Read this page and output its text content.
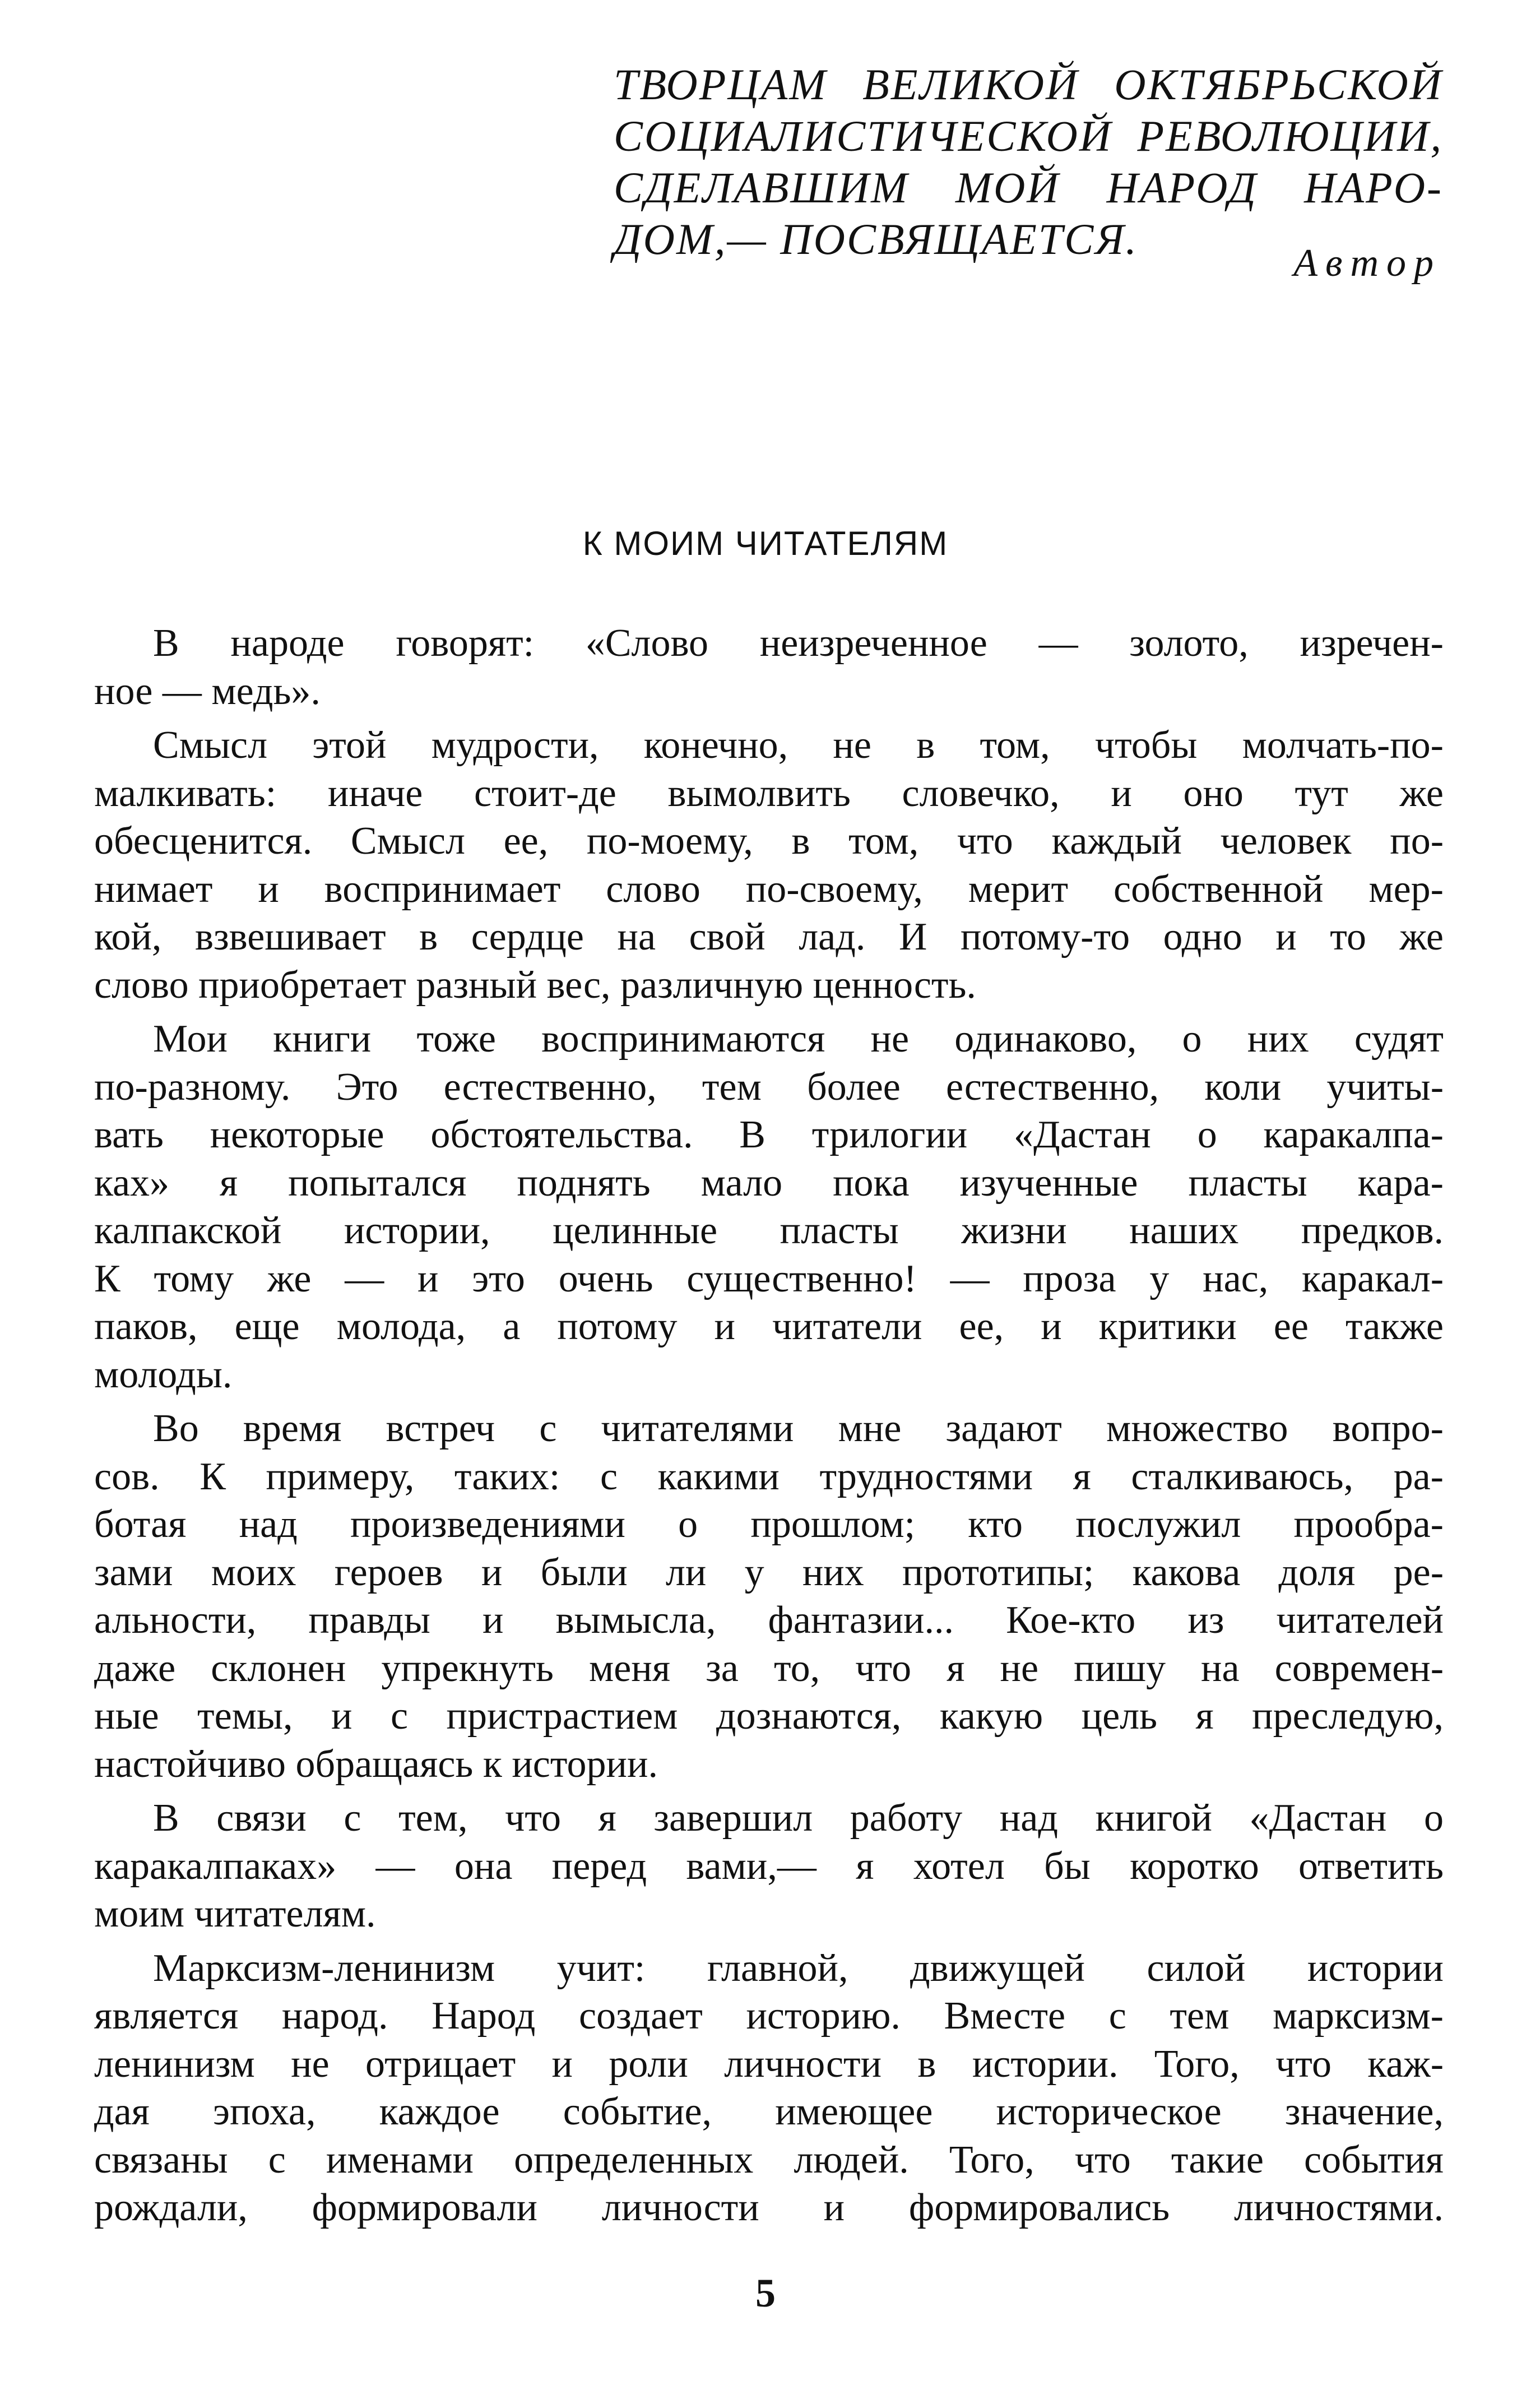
ТВОРЦАМ ВЕЛИКОЙ ОКТЯБРЬСКОЙ
СОЦИАЛИСТИЧЕСКОЙ РЕВОЛЮЦИИ,
СДЕЛАВШИМ МОЙ НАРОД НАРО-
ДОМ,— ПОСВЯЩАЕТСЯ.	Автор
К МОИМ ЧИТАТЕЛЯМ
В народе говорят: «Слово неизреченное — золото, изречен-
ное — медь».
Смысл этой мудрости, конечно, не в том, чтобы молчать-по-
малкивать: иначе стоит-де вымолвить словечко, и оно тут же
обесценится. Смысл ее, по-моему, в том, что каждый человек по-
нимает и воспринимает слово по-своему, мерит собственной мер-
кой, взвешивает в сердце на свой лад. И потому-то одно и то же
слово приобретает разный вес, различную ценность.
Мои книги тоже воспринимаются не одинаково, о них судят
по-разному. Это естественно, тем более естественно, коли учиты-
вать некоторые обстоятельства. В трилогии «Дастан о каракалпа-
ках» я попытался поднять мало пока изученные пласты кара-
калпакской истории, целинные пласты жизни наших предков.
К тому же — и это очень существенно! — проза у нас, каракал-
паков, еще молода, а потому и читатели ее, и критики ее также
молоды.
Во время встреч с читателями мне задают множество вопро-
сов. К примеру, таких: с какими трудностями я сталкиваюсь, ра-
ботая над произведениями о прошлом; кто послужил прообра-
зами моих героев и были ли у них прототипы; какова доля ре-
альности, правды и вымысла, фантазии... Кое-кто из читателей
даже склонен упрекнуть меня за то, что я не пишу на современ-
ные темы, и с пристрастием дознаются, какую цель я преследую,
настойчиво обращаясь к истории.
В связи с тем, что я завершил работу над книгой «Дастан о
каракалпаках» — она перед вами,— я хотел бы коротко ответить
моим читателям.
Марксизм-ленинизм учит: главной, движущей силой истории
является народ. Народ создает историю. Вместе с тем марксизм-
ленинизм не отрицает и роли личности в истории. Того, что каж-
дая эпоха, каждое событие, имеющее историческое значение,
связаны с именами определенных людей. Того, что такие события
рождали, формировали личности и формировались личностями.
5
